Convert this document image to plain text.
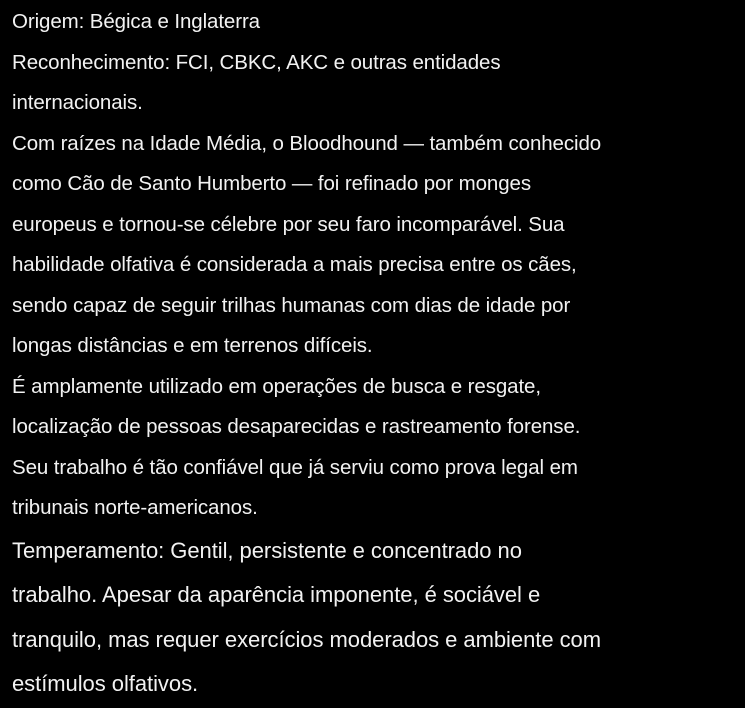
Origem: Bégica e Inglaterra
Reconhecimento: FCI, CBKC, AKC e outras entidades
internacionais.
Com raízes na Idade Média, o Bloodhound — também conhecido
como Cão de Santo Humberto — foi refinado por monges
europeus e tornou-se célebre por seu faro incomparável. Sua
habilidade olfativa é considerada a mais precisa entre os cães,
sendo capaz de seguir trilhas humanas com dias de idade por
longas distâncias e em terrenos difíceis.
É amplamente utilizado em operações de busca e resgate,
localização de pessoas desaparecidas e rastreamento forense.
Seu trabalho é tão confiável que já serviu como prova legal em
tribunais norte-americanos.
Temperamento: Gentil, persistente e concentrado no
trabalho. Apesar da aparência imponente, é sociável e
tranquilo, mas requer exercícios moderados e ambiente com
estímulos olfativos.
